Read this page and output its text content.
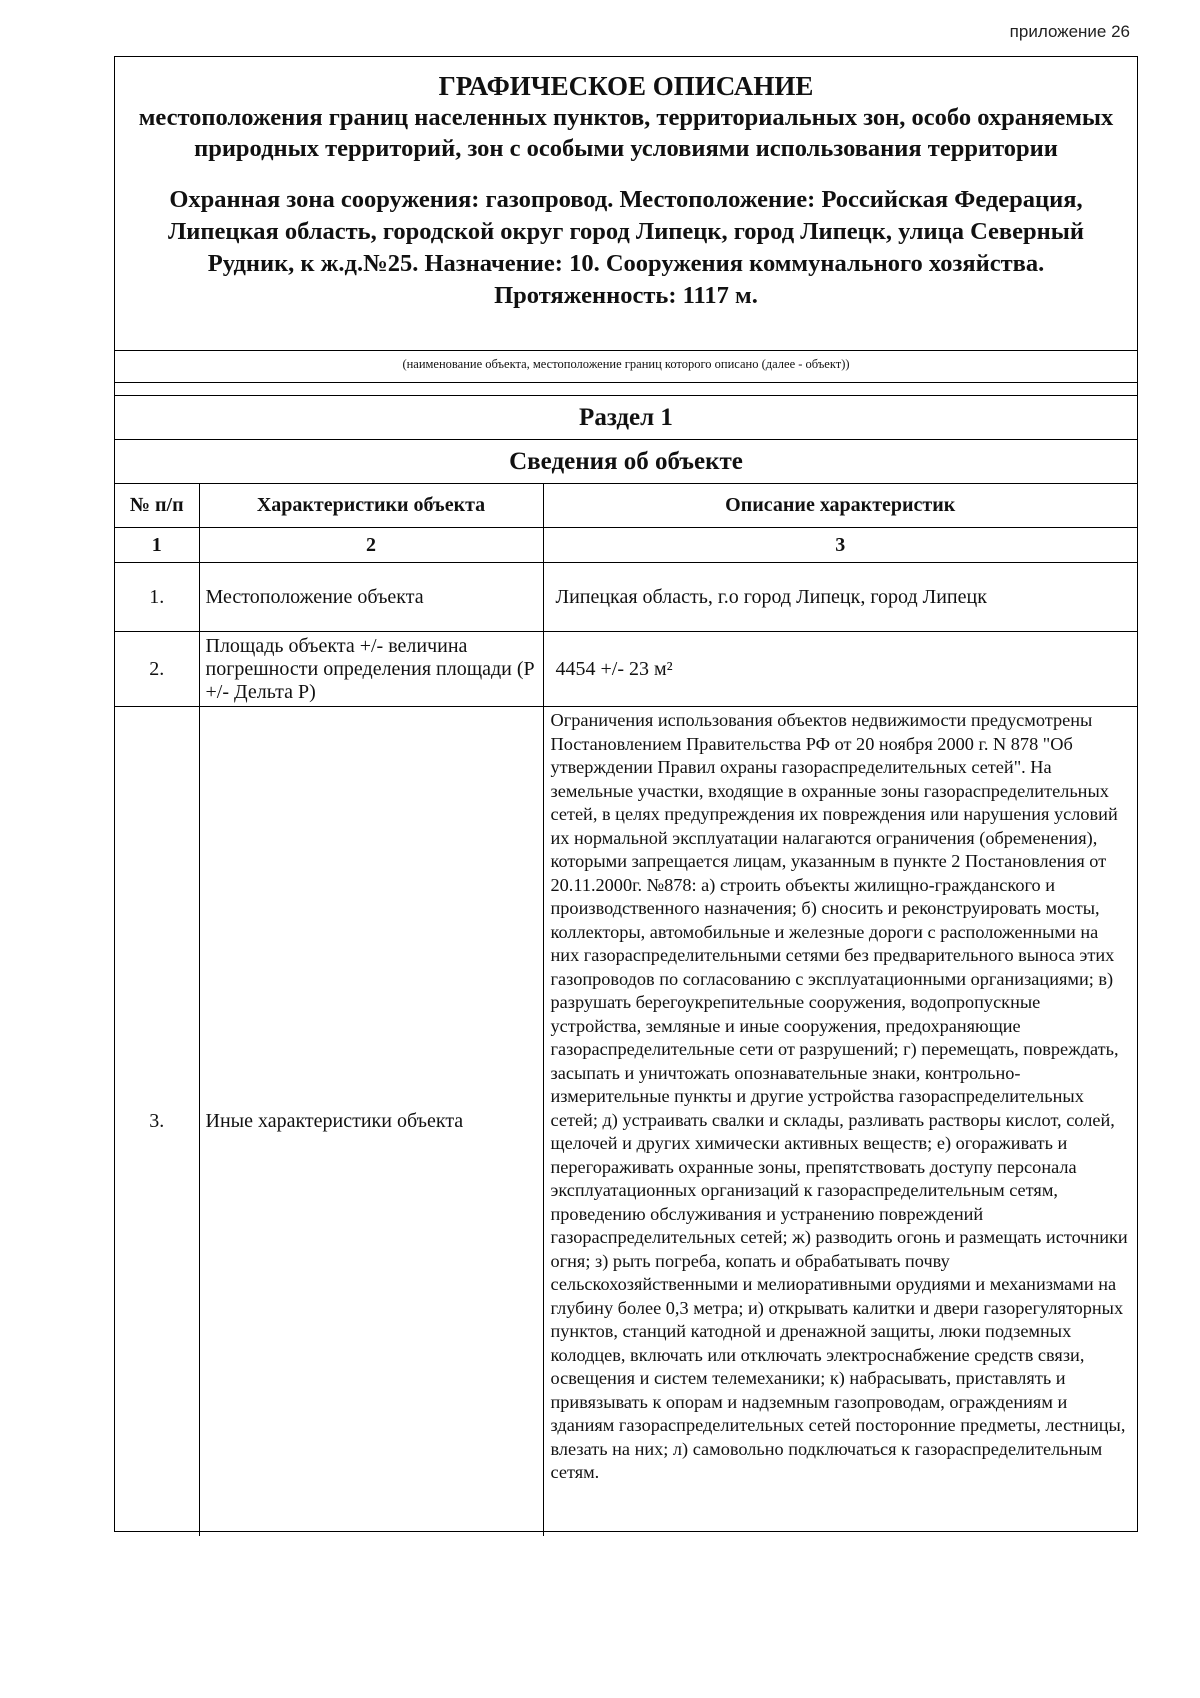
приложение 26
ГРАФИЧЕСКОЕ ОПИСАНИЕ
местоположения границ населенных пунктов, территориальных зон, особо охраняемых природных территорий, зон с особыми условиями использования территории
Охранная зона сооружения: газопровод. Местоположение: Российская Федерация, Липецкая область, городской округ город Липецк, город Липецк, улица Северный Рудник, к ж.д.№25. Назначение: 10. Сооружения коммунального хозяйства. Протяженность: 1117 м.
(наименование объекта, местоположение границ которого описано (далее - объект))
Раздел 1
Сведения об объекте
№ п/п	Характеристики объекта	Описание характеристик
1	2	3
1.	Местоположение объекта	Липецкая область, г.о город Липецк, город Липецк
2.	Площадь объекта +/- величина погрешности определения площади (P +/- Дельта P)	4454 +/- 23 м²
3.	Иные характеристики объекта	Ограничения использования объектов недвижимости предусмотрены Постановлением Правительства РФ от 20 ноября 2000 г. N 878 "Об утверждении Правил охраны газораспределительных сетей". На земельные участки, входящие в охранные зоны газораспределительных сетей, в целях предупреждения их повреждения или нарушения условий их нормальной эксплуатации налагаются ограничения (обременения), которыми запрещается лицам, указанным в пункте 2 Постановления от 20.11.2000г. №878: а) строить объекты жилищно-гражданского и производственного назначения; б) сносить и реконструировать мосты, коллекторы, автомобильные и железные дороги с расположенными на них газораспределительными сетями без предварительного выноса этих газопроводов по согласованию с эксплуатационными организациями; в) разрушать берегоукрепительные сооружения, водопропускные устройства, земляные и иные сооружения, предохраняющие газораспределительные сети от разрушений; г) перемещать, повреждать, засыпать и уничтожать опознавательные знаки, контрольно-измерительные пункты и другие устройства газораспределительных сетей; д) устраивать свалки и склады, разливать растворы кислот, солей, щелочей и других химически активных веществ; е) огораживать и перегораживать охранные зоны, препятствовать доступу персонала эксплуатационных организаций к газораспределительным сетям, проведению обслуживания и устранению повреждений газораспределительных сетей; ж) разводить огонь и размещать источники огня; з) рыть погреба, копать и обрабатывать почву сельскохозяйственными и мелиоративными орудиями и механизмами на глубину более 0,3 метра; и) открывать калитки и двери газорегуляторных пунктов, станций катодной и дренажной защиты, люки подземных колодцев, включать или отключать электроснабжение средств связи, освещения и систем телемеханики; к) набрасывать, приставлять и привязывать к опорам и надземным газопроводам, ограждениям и зданиям газораспределительных сетей посторонние предметы, лестницы, влезать на них; л) самовольно подключаться к газораспределительным сетям.
